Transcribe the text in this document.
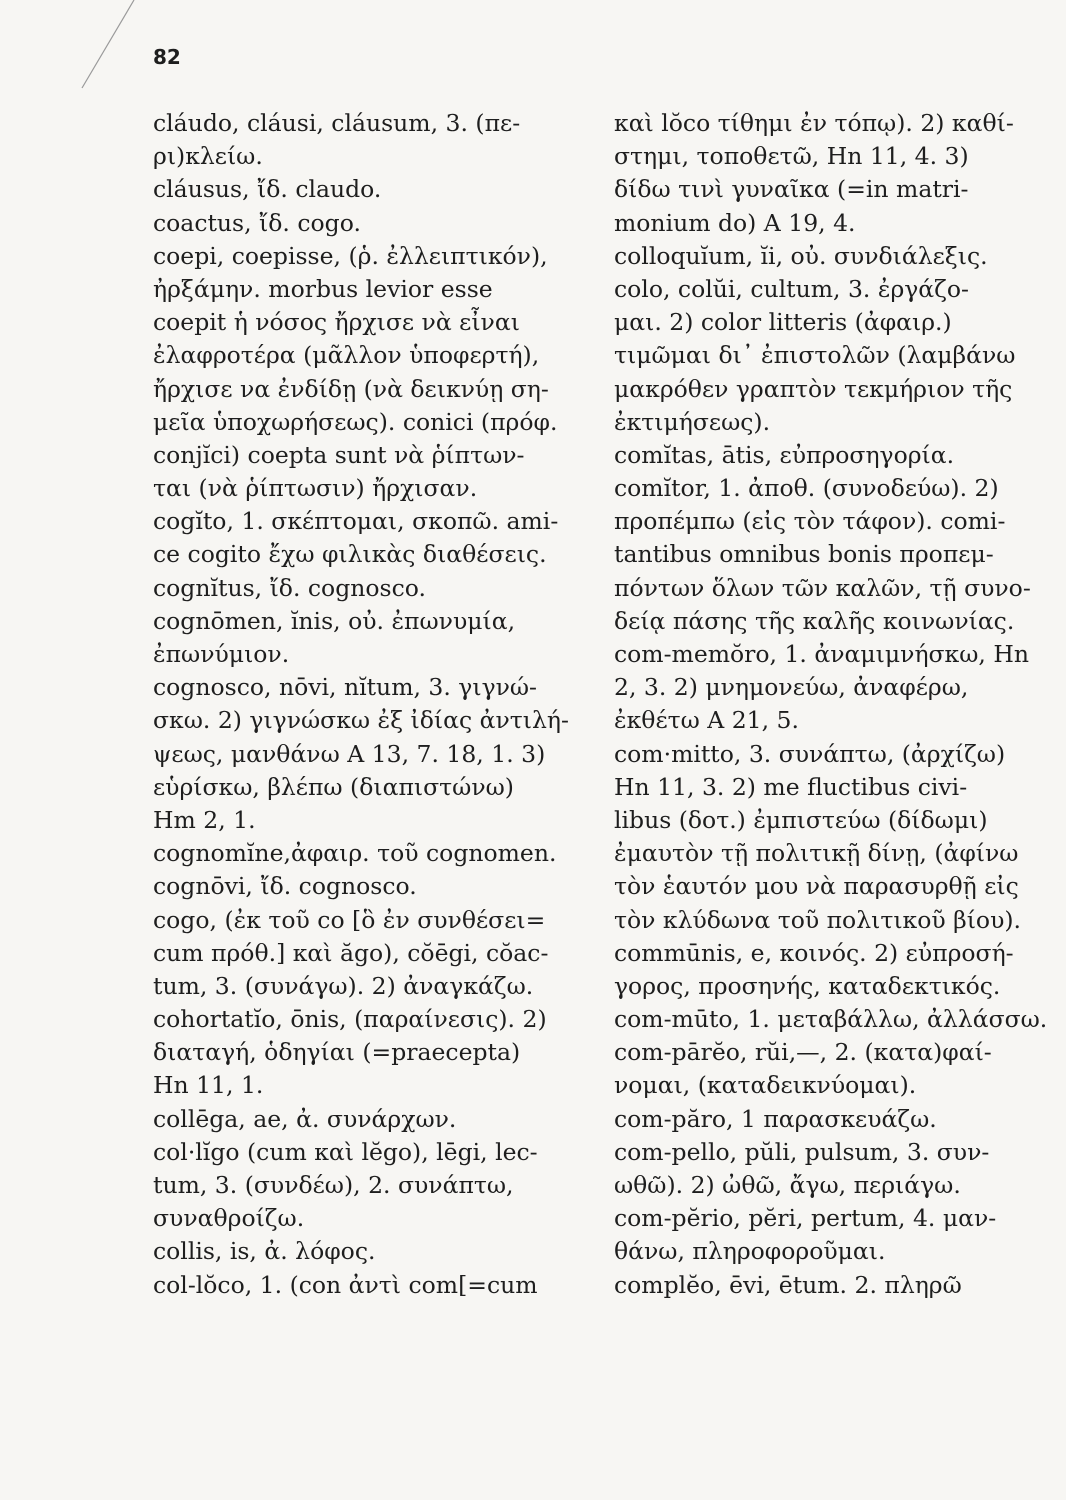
82
cláudo, cláusi, cláusum, 3. (πε-
ρι)κλείω.
cláusus, ἴδ. claudo.
coactus, ἴδ. cogo.
coepi, coepisse, (ῥ. ἐλλειπτικόν),
ἠρξάμην. morbus levior esse
coepit ἡ νόσος ἤρχισε νὰ εἶναι
ἐλαφροτέρα (μᾶλλον ὑποφερτή),
ἤρχισε να ἐνδίδῃ (νὰ δεικνύῃ ση-
μεῖα ὑποχωρήσεως). conici (πρόφ.
conjĭci) coepta sunt νὰ ῥίπτων-
ται (νὰ ῥίπτωσιν) ἤρχισαν.
cogĭto, 1. σκέπτομαι, σκοπῶ. ami-
ce cogito ἔχω φιλικὰς διαθέσεις.
cognĭtus, ἴδ. cognosco.
cognōmen, ĭnis, οὐ. ἐπωνυμία,
ἐπωνύμιον.
cognosco, nōvi, nĭtum, 3. γιγνώ-
σκω. 2) γιγνώσκω ἐξ ἰδίας ἀντιλή-
ψεως, μανθάνω Α 13, 7. 18, 1. 3)
εὑρίσκω, βλέπω (διαπιστώνω)
Hm 2, 1.
cognomĭne,ἀφαιρ. τοῦ cognomen.
cognōvi, ἴδ. cognosco.
cogo, (ἐκ τοῦ co [ὃ ἐν συνθέσει=
cum πρόθ.] καὶ ăgo), cŏēgi, cŏac-
tum, 3. (συνάγω). 2) ἀναγκάζω.
cohortatĭo, ōnis, (παραίνεσις). 2)
διαταγή, ὁδηγίαι (=praecepta)
Hn 11, 1.
collēga, ae, ἀ. συνάρχων.
col·lĭgo (cum καὶ lĕgo), lēgi, lec-
tum, 3. (συνδέω), 2. συνάπτω,
συναθροίζω.
collis, is, ἀ. λόφος.
col-lŏco, 1. (con ἀντὶ com[=cum
καὶ lŏco τίθημι ἐν τόπῳ). 2) καθί-
στημι, τοποθετῶ, Hn 11, 4. 3)
δίδω τινὶ γυναῖκα (=in matri-
monium do) Α 19, 4.
colloquĭum, ĭi, οὐ. συνδιάλεξις.
colo, colŭi, cultum, 3. ἐργάζο-
μαι. 2) color litteris (ἀφαιρ.)
τιμῶμαι δι᾿ ἐπιστολῶν (λαμβάνω
μακρόθεν γραπτὸν τεκμήριον τῆς
ἐκτιμήσεως).
comĭtas, ātis, εὐπροσηγορία.
comĭtor, 1. ἀποθ. (συνοδεύω). 2)
προπέμπω (εἰς τὸν τάφον). comi-
tantibus omnibus bonis προπεμ-
πόντων ὅλων τῶν καλῶν, τῇ συνο-
δείᾳ πάσης τῆς καλῆς κοινωνίας.
com-memŏro, 1. ἀναμιμνήσκω, Hn
2, 3. 2) μνημονεύω, ἀναφέρω,
ἐκθέτω Α 21, 5.
com·mitto, 3. συνάπτω, (ἀρχίζω)
Hn 11, 3. 2) me fluctibus civi-
libus (δοτ.) ἐμπιστεύω (δίδωμι)
ἐμαυτὸν τῇ πολιτικῇ δίνῃ, (ἀφίνω
τὸν ἑαυτόν μου νὰ παρασυρθῇ εἰς
τὸν κλύδωνα τοῦ πολιτικοῦ βίου).
commūnis, e, κοινός. 2) εὐπροσή-
γορος, προσηνής, καταδεκτικός.
com-mūto, 1. μεταβάλλω, ἀλλάσσω.
com-pārĕo, rŭi,—, 2. (κατα)φαί-
νομαι, (καταδεικνύομαι).
com-păro, 1 παρασκευάζω.
com-pello, pŭli, pulsum, 3. συν-
ωθῶ). 2) ὠθῶ, ἄγω, περιάγω.
com-pĕrio, pĕri, pertum, 4. μαν-
θάνω, πληροφοροῦμαι.
complĕo, ēvi, ētum. 2. πληρῶ
